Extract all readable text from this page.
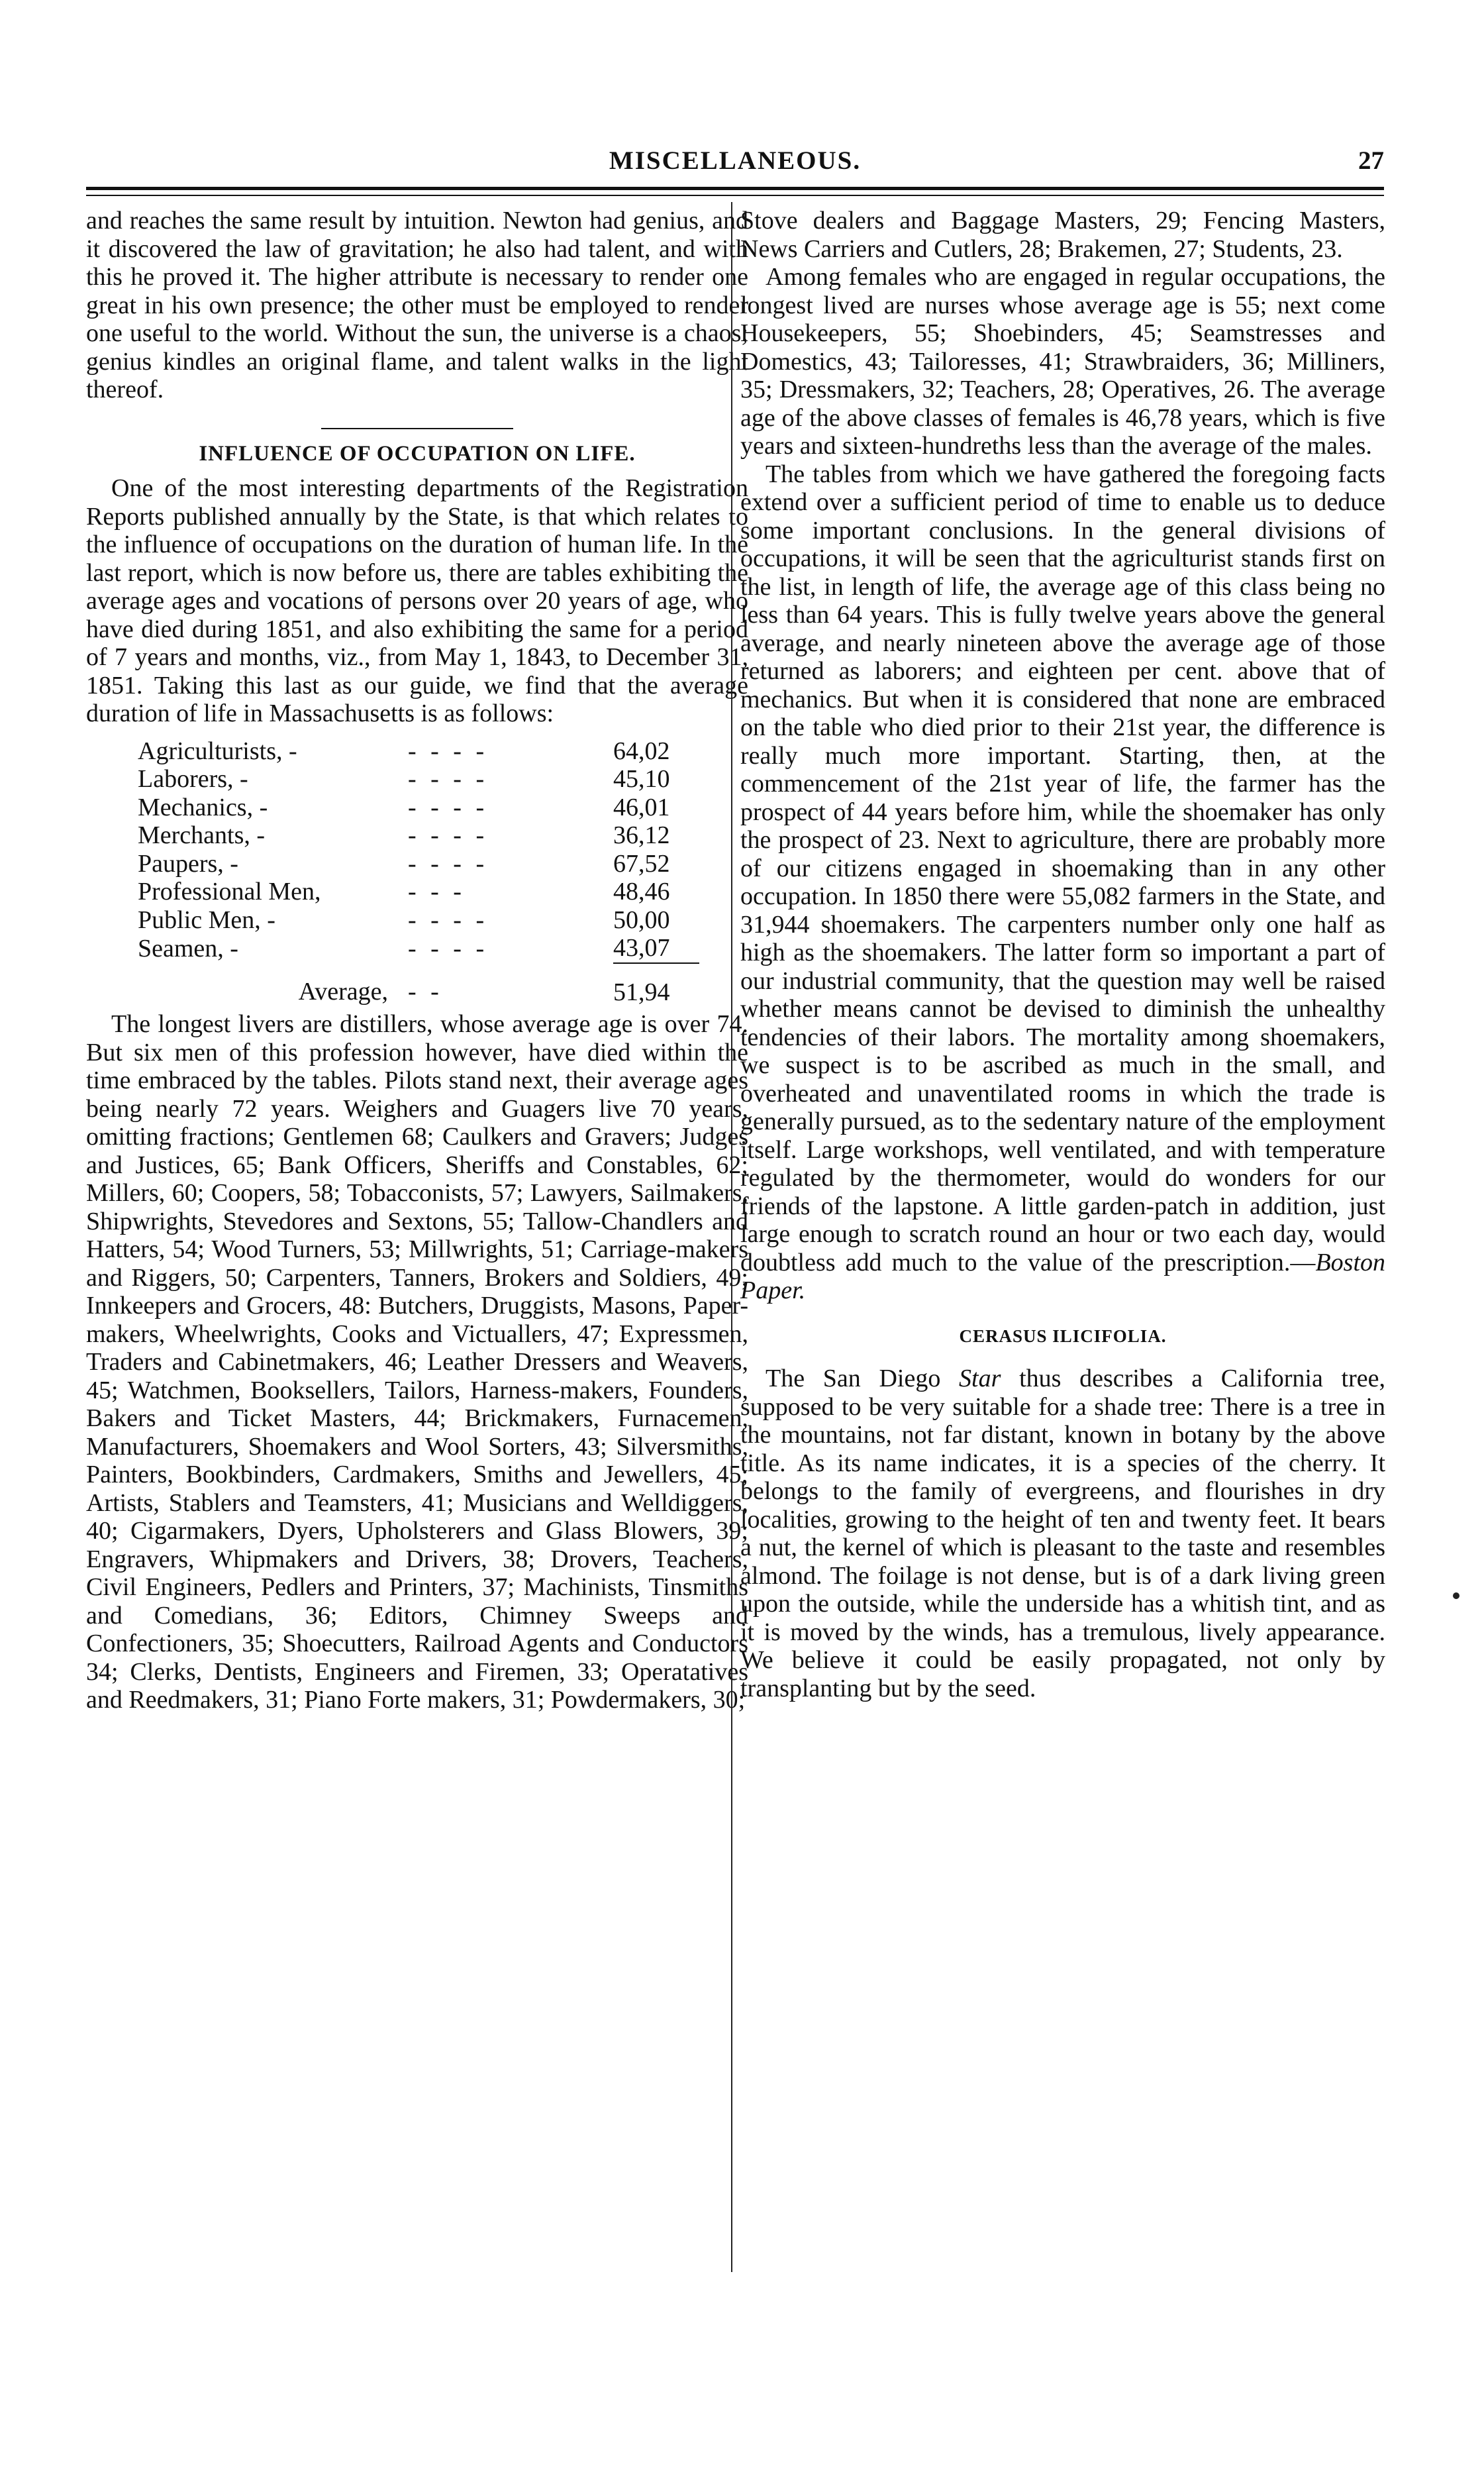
MISCELLANEOUS.	27

and reaches the same result by intuition. Newton had genius, and it discovered the law of gravitation; he also had talent, and with this he proved it. The higher attribute is necessary to render one great in his own presence; the other must be employed to render one useful to the world. Without the sun, the universe is a chaos; genius kindles an original flame, and talent walks in the light thereof.

INFLUENCE OF OCCUPATION ON LIFE.

One of the most interesting departments of the Registration Reports published annually by the State, is that which relates to the influence of occupations on the duration of human life. In the last report, which is now before us, there are tables exhibiting the average ages and vocations of persons over 20 years of age, who have died during 1851, and also exhibiting the same for a period of 7 years and months, viz., from May 1, 1843, to December 31, 1851. Taking this last as our guide, we find that the average duration of life in Massachusetts is as follows:

Agriculturists, -	- - - -	64,02
Laborers, -	- - - -	45,10
Mechanics, -	- - - -	46,01
Merchants, -	- - - -	36,12
Paupers, -	- - - -	67,52
Professional Men,	- - -	48,46
Public Men, -	- - - -	50,00
Seamen, -	- - - -	43,07
Average,	- -	51,94

The longest livers are distillers, whose average age is over 74. But six men of this profession however, have died within the time embraced by the tables. Pilots stand next, their average ages being nearly 72 years. Weighers and Guagers live 70 years, omitting fractions; Gentlemen 68; Caulkers and Gravers; Judges and Justices, 65; Bank Officers, Sheriffs and Constables, 62; Millers, 60; Coopers, 58; Tobacconists, 57; Lawyers, Sailmakers, Shipwrights, Stevedores and Sextons, 55; Tallow-Chandlers and Hatters, 54; Wood Turners, 53; Millwrights, 51; Carriage-makers and Riggers, 50; Carpenters, Tanners, Brokers and Soldiers, 49; Innkeepers and Grocers, 48: Butchers, Druggists, Masons, Paper-makers, Wheelwrights, Cooks and Victuallers, 47; Expressmen, Traders and Cabinetmakers, 46; Leather Dressers and Weavers, 45; Watchmen, Booksellers, Tailors, Harness-makers, Founders, Bakers and Ticket Masters, 44; Brickmakers, Furnacemen, Manufacturers, Shoemakers and Wool Sorters, 43; Silversmiths, Painters, Bookbinders, Cardmakers, Smiths and Jewellers, 45; Artists, Stablers and Teamsters, 41; Musicians and Welldiggers, 40; Cigarmakers, Dyers, Upholsterers and Glass Blowers, 39; Engravers, Whipmakers and Drivers, 38; Drovers, Teachers, Civil Engineers, Pedlers and Printers, 37; Machinists, Tinsmiths and Comedians, 36; Editors, Chimney Sweeps and Confectioners, 35; Shoecutters, Railroad Agents and Conductors 34; Clerks, Dentists, Engineers and Firemen, 33; Operatatives and Reedmakers, 31; Piano Forte makers, 31; Powdermakers, 30;

Stove dealers and Baggage Masters, 29; Fencing Masters, News Carriers and Cutlers, 28; Brakemen, 27; Students, 23.

Among females who are engaged in regular occupations, the longest lived are nurses whose average age is 55; next come Housekeepers, 55; Shoebinders, 45; Seamstresses and Domestics, 43; Tailoresses, 41; Strawbraiders, 36; Milliners, 35; Dressmakers, 32; Teachers, 28; Operatives, 26. The average age of the above classes of females is 46,78 years, which is five years and sixteen-hundreths less than the average of the males.

The tables from which we have gathered the foregoing facts extend over a sufficient period of time to enable us to deduce some important conclusions. In the general divisions of occupations, it will be seen that the agriculturist stands first on the list, in length of life, the average age of this class being no less than 64 years. This is fully twelve years above the general average, and nearly nineteen above the average age of those returned as laborers; and eighteen per cent. above that of mechanics. But when it is considered that none are embraced on the table who died prior to their 21st year, the difference is really much more important. Starting, then, at the commencement of the 21st year of life, the farmer has the prospect of 44 years before him, while the shoemaker has only the prospect of 23. Next to agriculture, there are probably more of our citizens engaged in shoemaking than in any other occupation. In 1850 there were 55,082 farmers in the State, and 31,944 shoemakers. The carpenters number only one half as high as the shoemakers. The latter form so important a part of our industrial community, that the question may well be raised whether means cannot be devised to diminish the unhealthy tendencies of their labors. The mortality among shoemakers, we suspect is to be ascribed as much in the small, and overheated and unaventilated rooms in which the trade is generally pursued, as to the sedentary nature of the employment itself. Large workshops, well ventilated, and with temperature regulated by the thermometer, would do wonders for our friends of the lapstone. A little garden-patch in addition, just large enough to scratch round an hour or two each day, would doubtless add much to the value of the prescription.—Boston Paper.

CERASUS ILICIFOLIA.

The San Diego Star thus describes a California tree, supposed to be very suitable for a shade tree: There is a tree in the mountains, not far distant, known in botany by the above title. As its name indicates, it is a species of the cherry. It belongs to the family of evergreens, and flourishes in dry localities, growing to the height of ten and twenty feet. It bears a nut, the kernel of which is pleasant to the taste and resembles almond. The foilage is not dense, but is of a dark living green upon the outside, while the underside has a whitish tint, and as it is moved by the winds, has a tremulous, lively appearance. We believe it could be easily propagated, not only by transplanting but by the seed.
